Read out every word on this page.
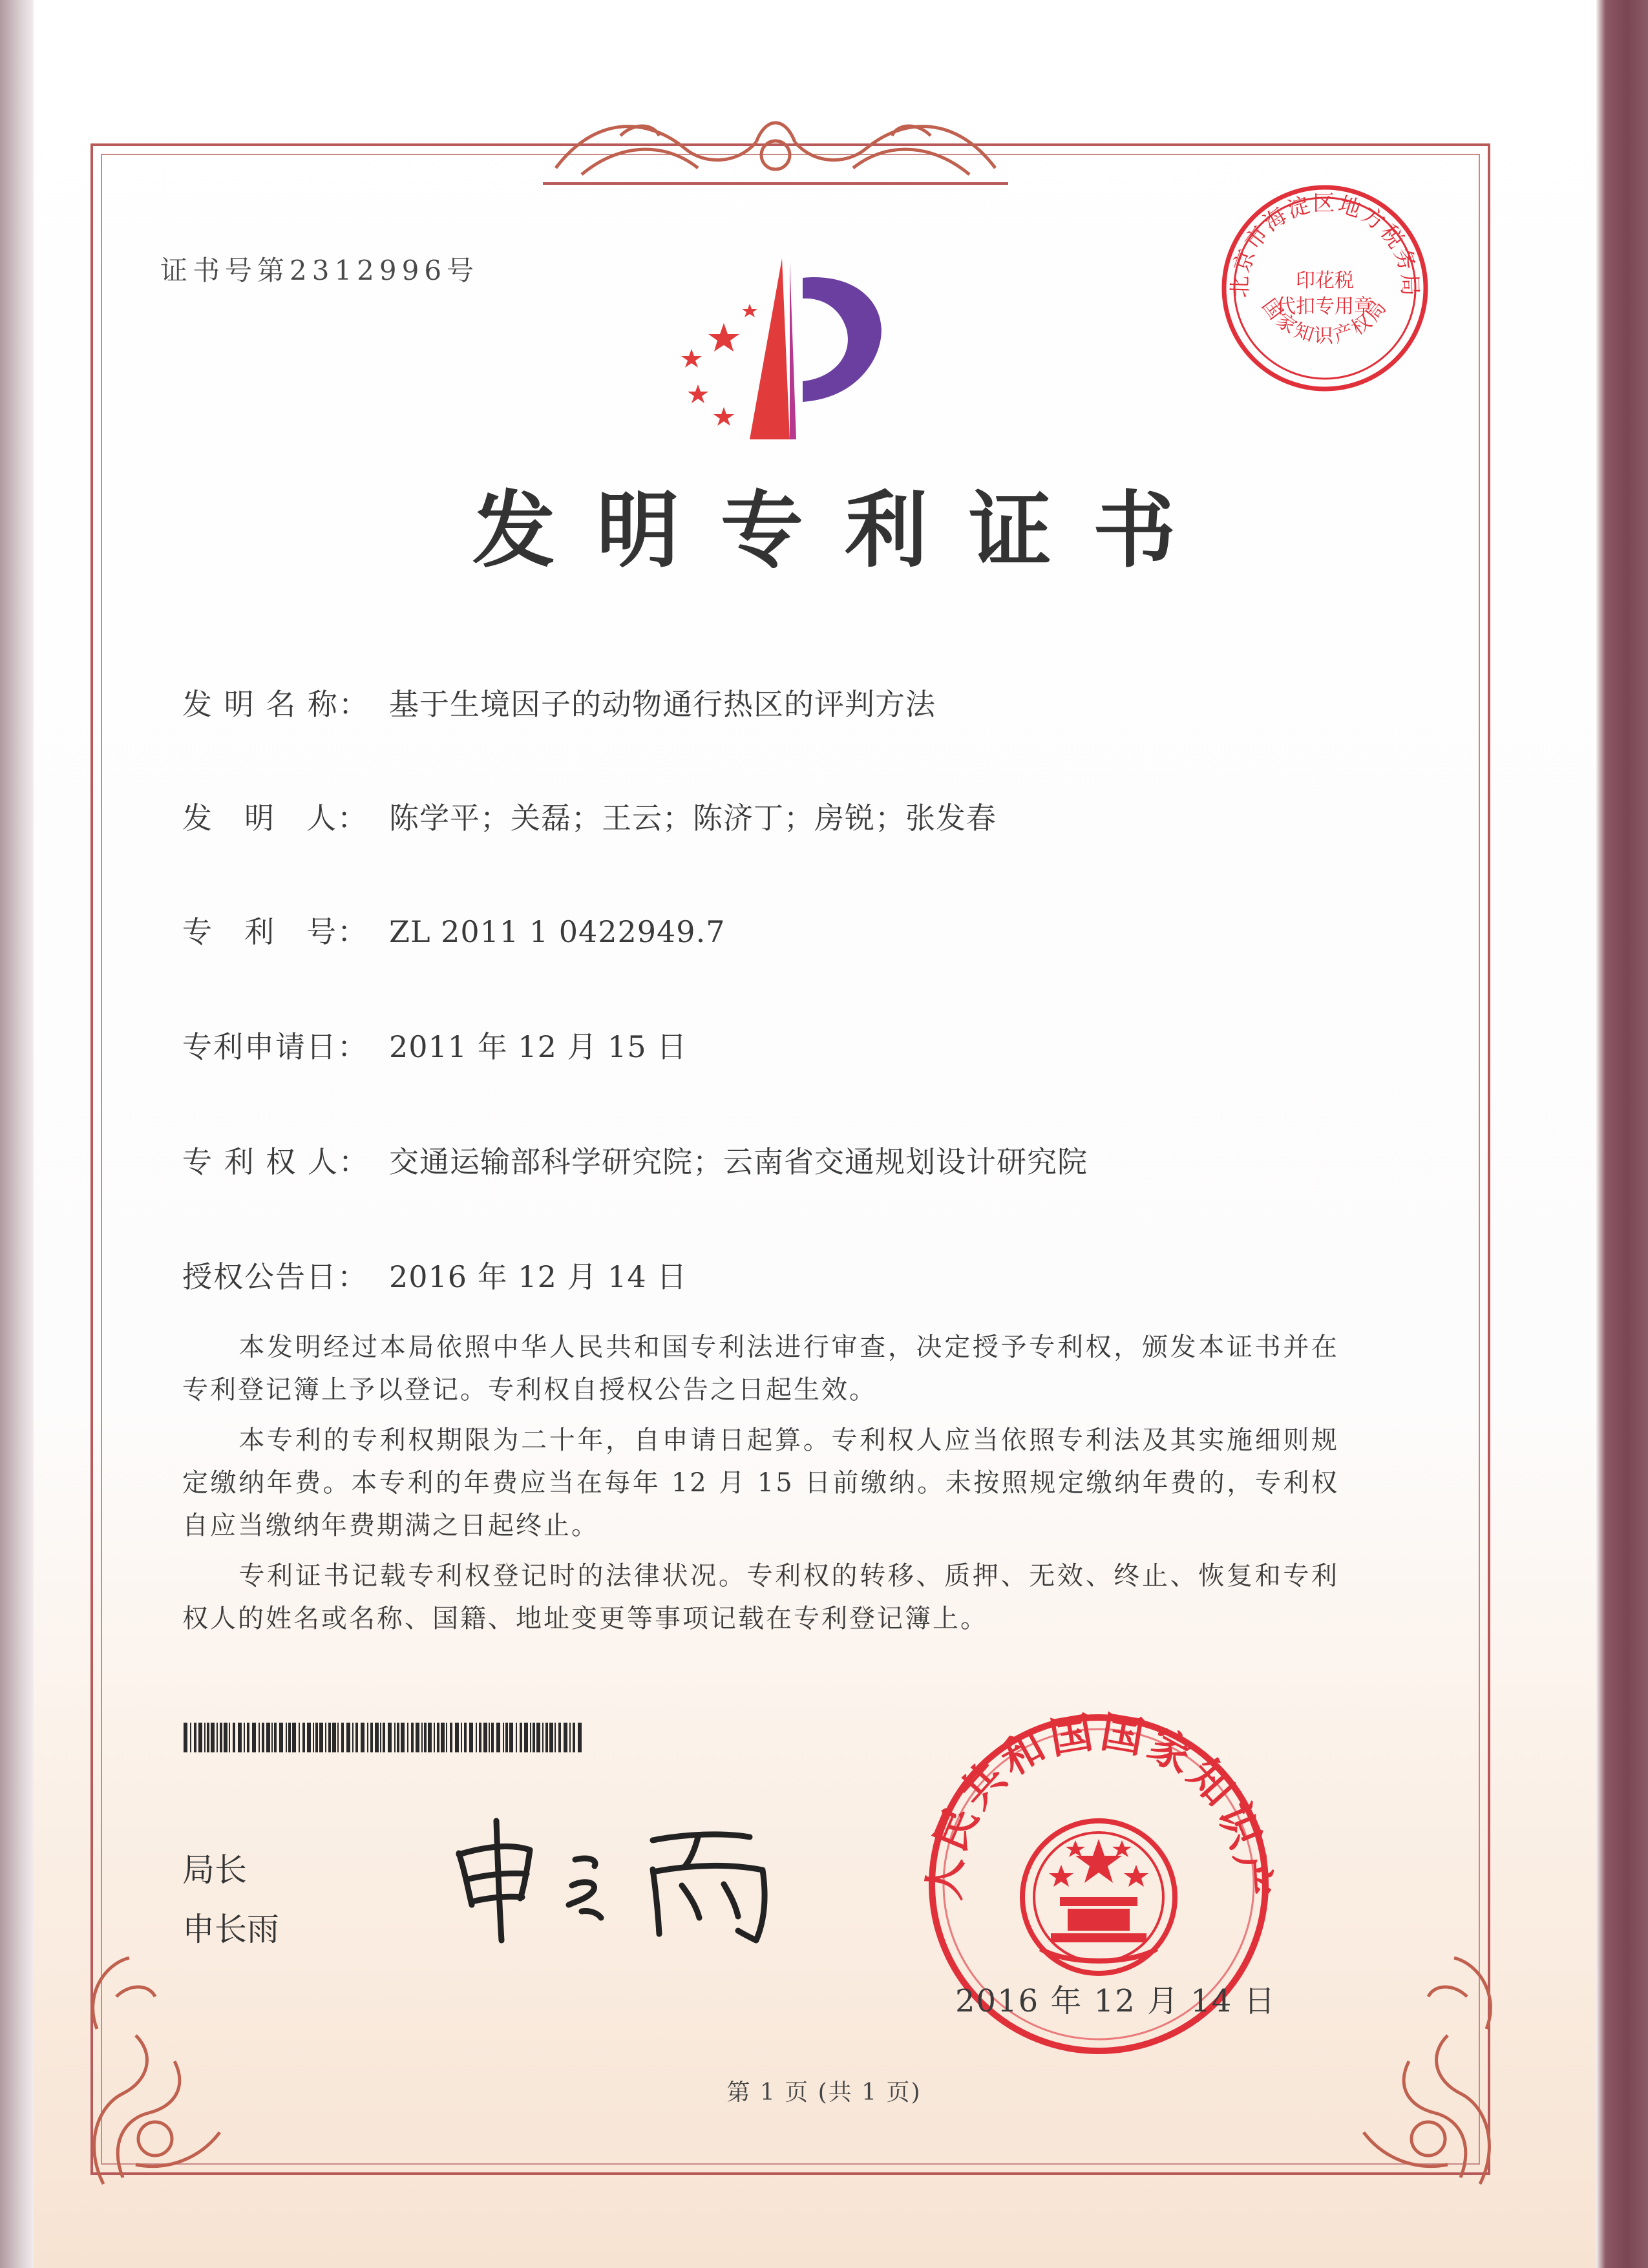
证书号第2312996号	北京市海淀区地方税务局
印花税
代扣专用章
国家知识产权局
发明专利证书
发 明 名 称： 基于生境因子的动物通行热区的评判方法
发　明　人： 陈学平；关磊；王云；陈济丁；房锐；张发春
专　利　号： ZL 2011 1 0422949.7
专利申请日： 2011 年 12 月 15 日
专 利 权 人： 交通运输部科学研究院；云南省交通规划设计研究院
授权公告日： 2016 年 12 月 14 日
　　本发明经过本局依照中华人民共和国专利法进行审查，决定授予专利权，颁发本证书并在专利登记簿上予以登记。专利权自授权公告之日起生效。
　　本专利的专利权期限为二十年，自申请日起算。专利权人应当依照专利法及其实施细则规定缴纳年费。本专利的年费应当在每年 12 月 15 日前缴纳。未按照规定缴纳年费的，专利权自应当缴纳年费期满之日起终止。
　　专利证书记载专利权登记时的法律状况。专利权的转移、质押、无效、终止、恢复和专利权人的姓名或名称、国籍、地址变更等事项记载在专利登记簿上。
局长
申长雨
人民共和国国家知识产
2016 年 12 月 14 日
第 1 页 (共 1 页)
